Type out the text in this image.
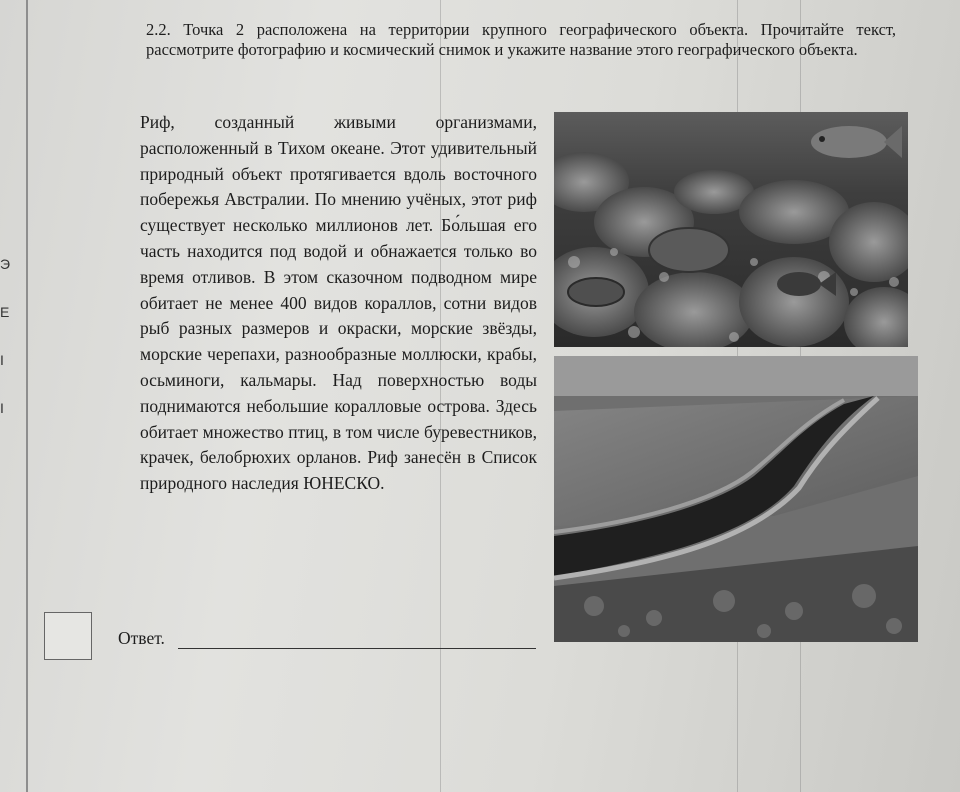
Э
E
Ι
Ι
2.2. Точка 2 расположена на территории крупного географического объекта. Прочитайте текст, рассмотрите фотографию и космический снимок и укажите название этого географического объекта.
Риф, созданный живыми организмами, расположенный в Тихом океане. Этот удивительный природный объект протягивается вдоль восточного побережья Австралии. По мнению учёных, этот риф существует несколько миллионов лет. Бо́льшая его часть находится под водой и обнажается только во время отливов. В этом сказочном подводном мире обитает не менее 400 видов кораллов, сотни видов рыб разных размеров и окраски, морские звёзды, морские черепахи, разнообразные моллюски, крабы, осьминоги, кальмары. Над поверхностью воды поднимаются небольшие коралловые острова. Здесь обитает множество птиц, в том числе буревестников, крачек, белобрюхих орланов. Риф занесён в Список природного наследия ЮНЕСКО.
Ответ.
